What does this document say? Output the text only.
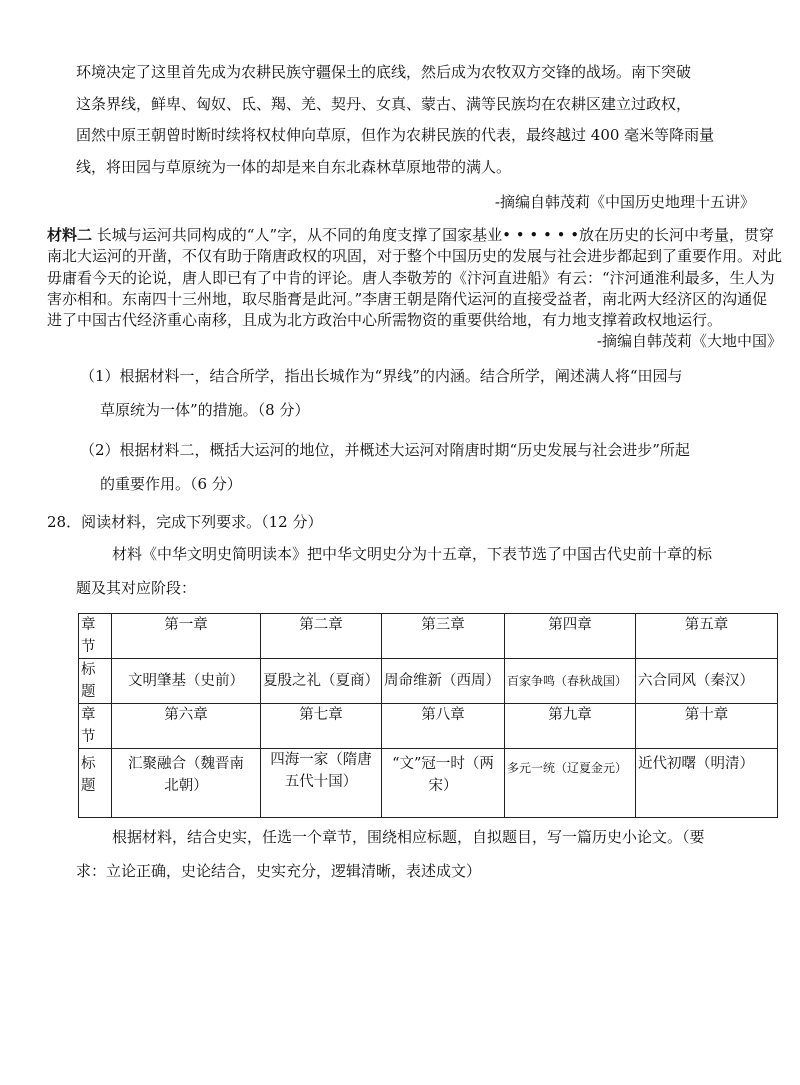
环境决定了这里首先成为农耕民族守疆保土的底线，然后成为农牧双方交锋的战场。南下突破
这条界线，鲜卑、匈奴、氐、羯、羌、契丹、女真、蒙古、满等民族均在农耕区建立过政权，
固然中原王朝曾时断时续将权杖伸向草原，但作为农耕民族的代表，最终越过 400 毫米等降雨量
线，将田园与草原统为一体的却是来自东北森林草原地带的满人。
-摘编自韩茂莉《中国历史地理十五讲》
材料二 长城与运河共同构成的“人”字，从不同的角度支撑了国家基业• • • • • •放在历史的长河中考量，贯穿南北大运河的开凿，不仅有助于隋唐政权的巩固，对于整个中国历史的发展与社会进步都起到了重要作用。对此毋庸看今天的论说，唐人即已有了中肯的评论。唐人李敬芳的《汴河直进船》有云：“汴河通淮利最多，生人为害亦相和。东南四十三州地，取尽脂膏是此河。”李唐王朝是隋代运河的直接受益者，南北两大经济区的沟通促进了中国古代经济重心南移，且成为北方政治中心所需物资的重要供给地，有力地支撑着政权地运行。
-摘编自韩茂莉《大地中国》
（1）根据材料一，结合所学，指出长城作为“界线”的内涵。结合所学，阐述满人将“田园与
草原统为一体”的措施。（8 分）
（2）根据材料二，概括大运河的地位，并概述大运河对隋唐时期“历史发展与社会进步”所起
的重要作用。（6 分）
28．阅读材料，完成下列要求。（12 分）
材料《中华文明史简明读本》把中华文明史分为十五章，下表节选了中国古代史前十章的标
题及其对应阶段：
章节	第一章	第二章	第三章	第四章	第五章
标题	文明肇基（史前）	夏殷之礼（夏商）	周命维新（西周）	百家争鸣（春秋战国）	六合同风（秦汉）
章节	第六章	第七章	第八章	第九章	第十章
标题	汇聚融合（魏晋南北朝）	四海一家（隋唐五代十国）	“文”冠一时（两宋）	多元一统（辽夏金元）	近代初曙（明清）
根据材料，结合史实，任选一个章节，围绕相应标题，自拟题目，写一篇历史小论文。（要
求：立论正确，史论结合，史实充分，逻辑清晰，表述成文）
